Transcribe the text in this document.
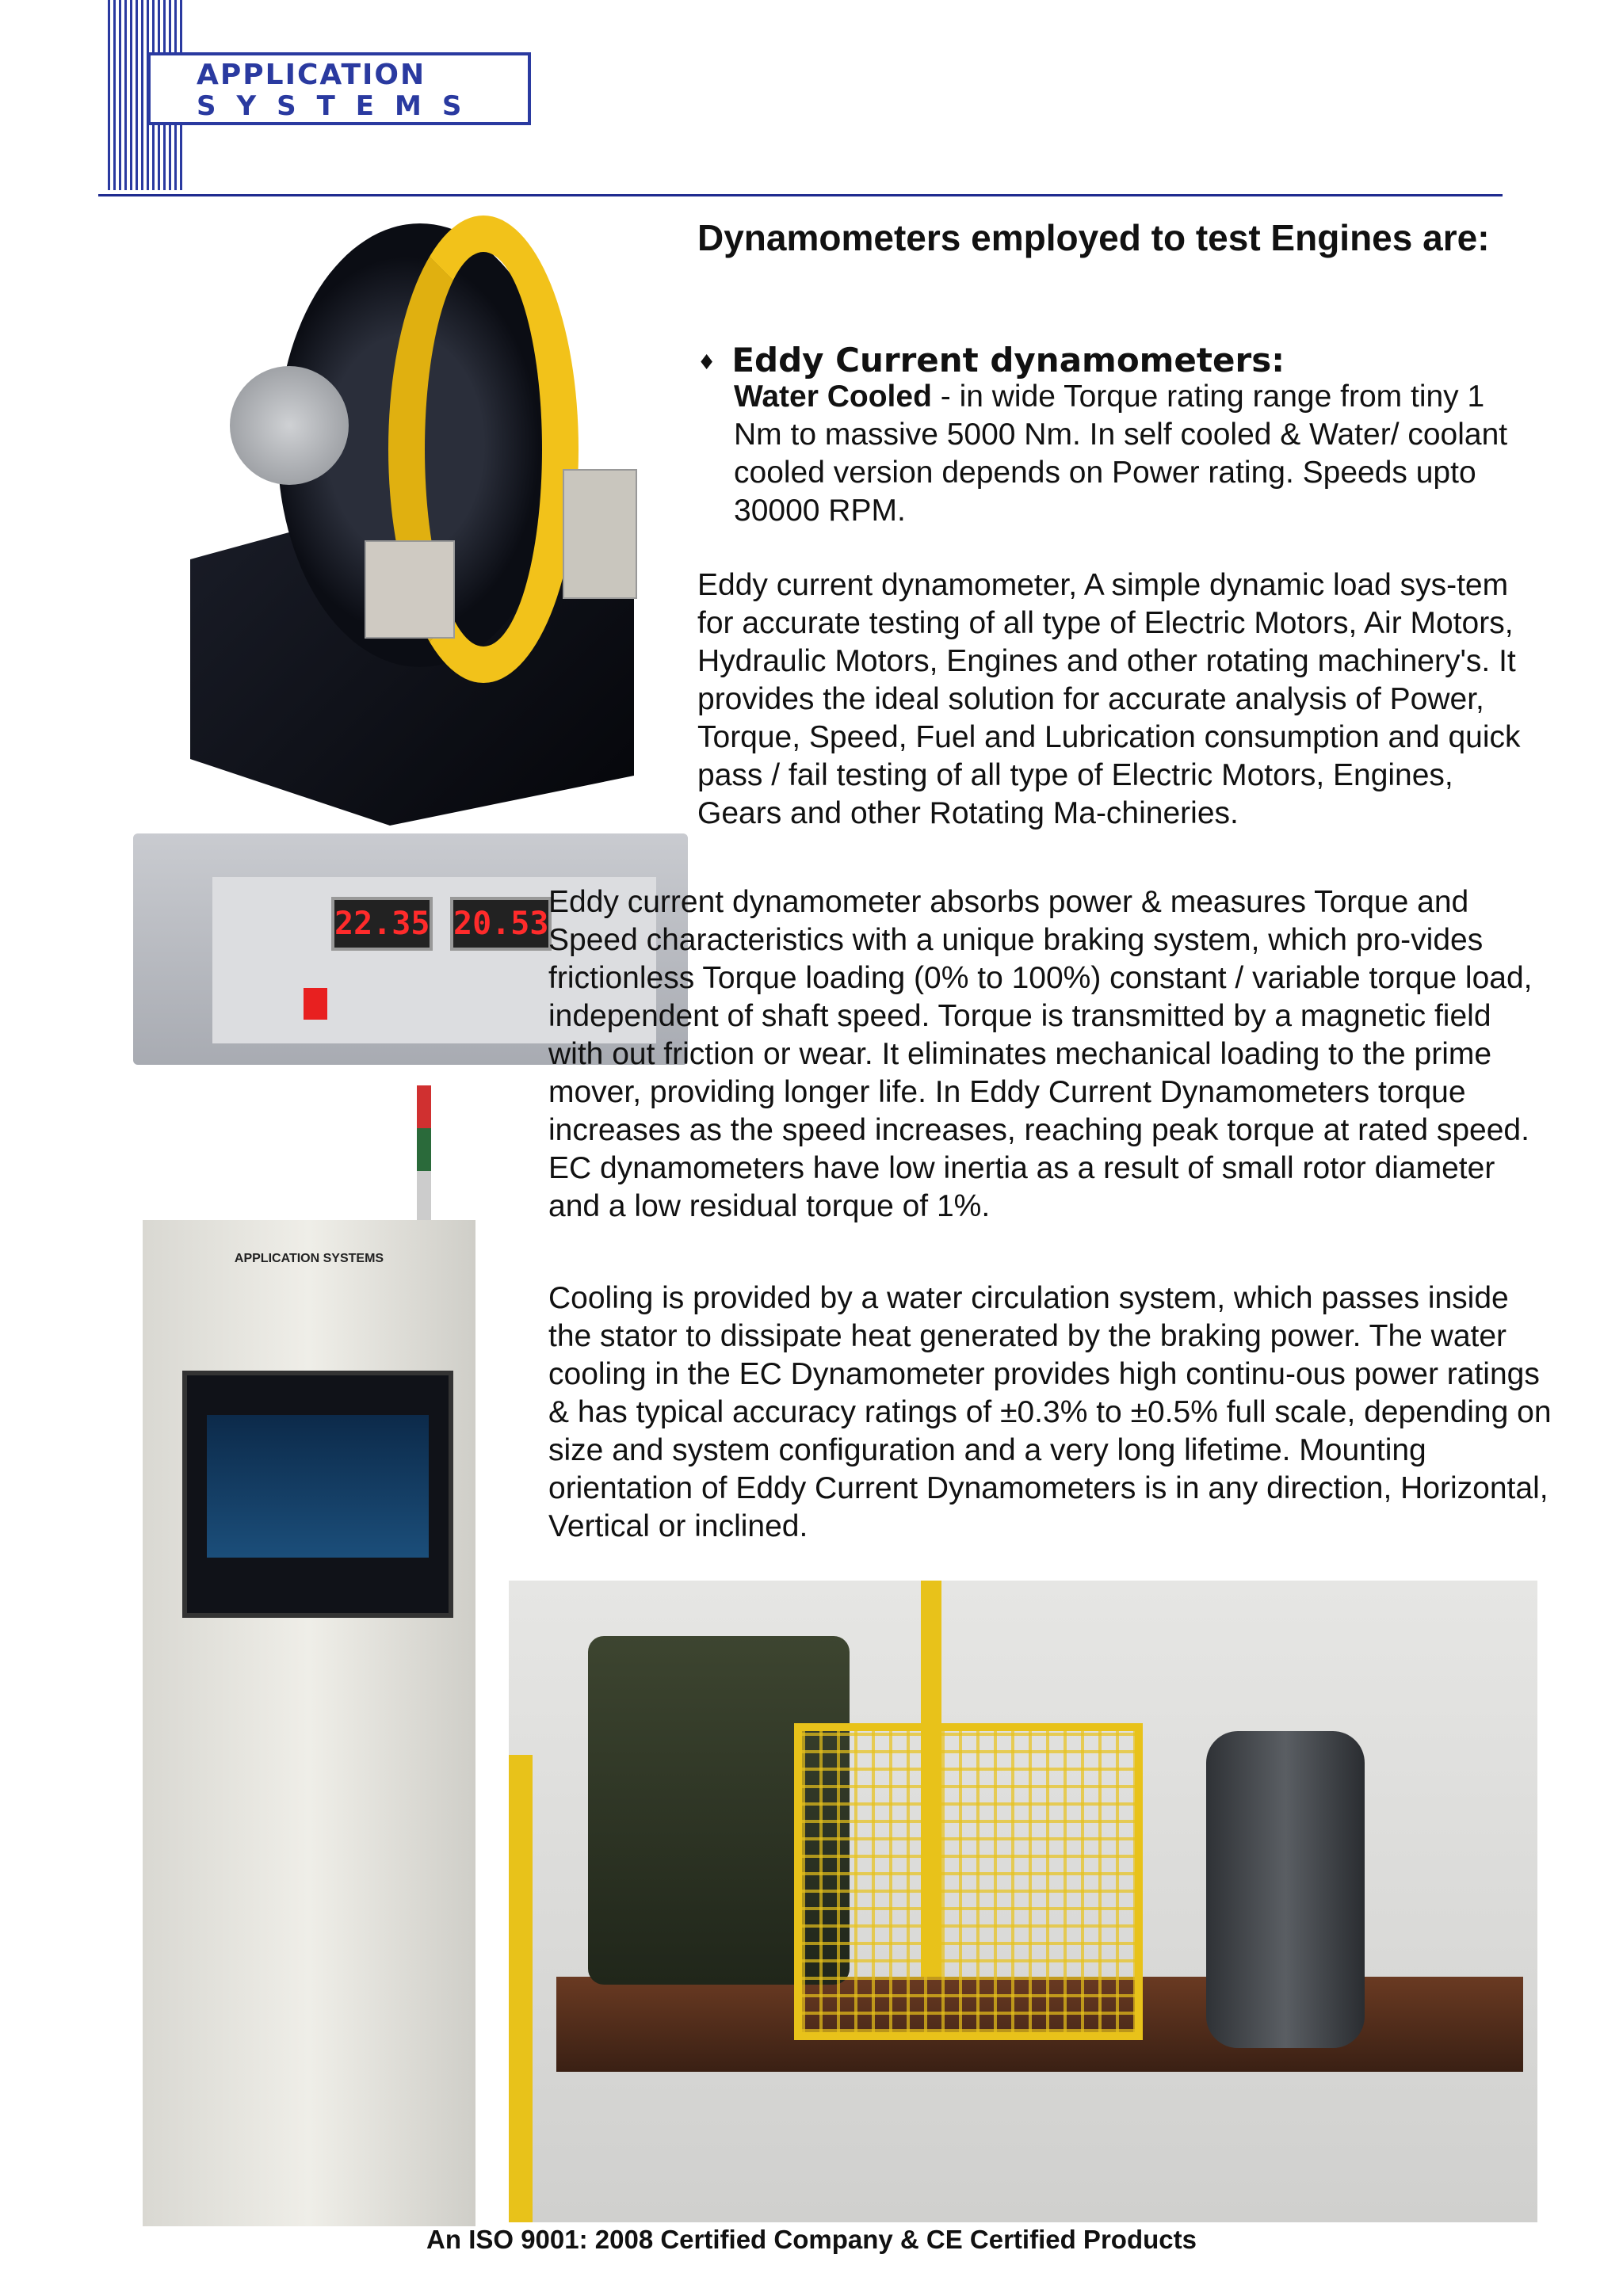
APPLICATION
SYSTEMS
22.35 20.53
APPLICATION SYSTEMS
Dynamometers employed to test Engines are:
♦ Eddy Current dynamometers:
Water Cooled - in wide Torque rating range from tiny 1 Nm to massive 5000 Nm. In self cooled & Water/ coolant cooled version depends on Power rating. Speeds upto 30000 RPM.
Eddy current dynamometer, A simple dynamic load sys-tem for accurate testing of all type of Electric Motors, Air Motors, Hydraulic Motors, Engines and other rotating machinery's. It provides the ideal solution for accurate analysis of Power, Torque, Speed, Fuel and Lubrication consumption and quick pass / fail testing of all type of Electric Motors, Engines, Gears and other Rotating Ma-chineries.
Eddy current dynamometer absorbs power & measures Torque and Speed characteristics with a unique braking system, which pro-vides frictionless Torque loading (0% to 100%) constant / variable torque load, independent of shaft speed. Torque is transmitted by a magnetic field with out friction or wear. It eliminates mechanical loading to the prime mover, providing longer life. In Eddy Current Dynamometers torque increases as the speed increases, reaching peak torque at rated speed. EC dynamometers have low inertia as a result of small rotor diameter and a low residual torque of 1%.
Cooling is provided by a water circulation system, which passes inside the stator to dissipate heat generated by the braking power. The water cooling in the EC Dynamometer provides high continu-ous power ratings & has typical accuracy ratings of ±0.3% to ±0.5% full scale, depending on size and system configuration and a very long lifetime. Mounting orientation of Eddy Current Dynamometers is in any direction, Horizontal, Vertical or inclined.
An ISO 9001: 2008 Certified Company & CE Certified Products
